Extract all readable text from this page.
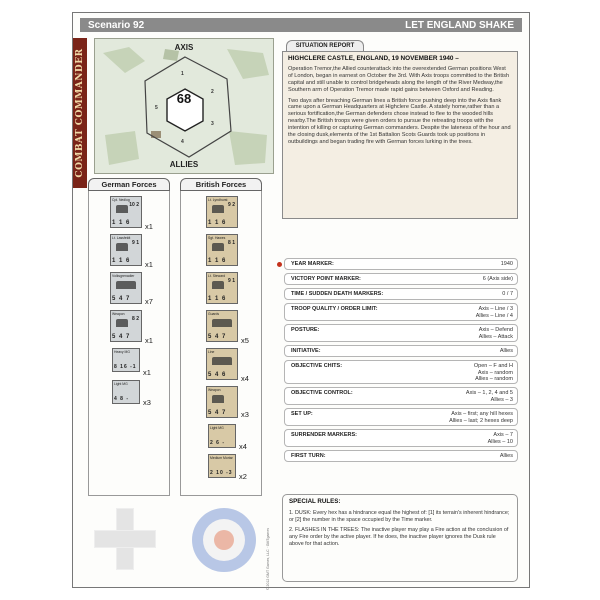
Scenario 92	LET ENGLAND SHAKE
COMBAT COMMANDER
AXIS
ALLIES
68
1
2
3
4
5
SITUATION REPORT
HIGHCLERE CASTLE, ENGLAND, 19 NOVEMBER 1940 –

Operation Tremor,the Allied counterattack into the overextended German positions West of London, began in earnest on October the 3rd. With Axis troops committed to the British capital and still unable to control bridgeheads along the length of the River Medway,the Southern arm of Operation Tremor made rapid gains between Oxford and Reading.

Two days after breaching German lines a British force pushing deep into the Axis flank came upon a German Headquarters at Highclere Castle. A stately home,rather than a serious fortification,the German defenders chose instead to flee to the wooded hills nearby.The British troops were given orders to pursue the retreating troops with the intention of killing or capturing German commanders. Despite the lateness of the hour and the closing dusk,elements of the 1st Battalion Scots Guards took up positions in outbuildings and began trading fire with German forces lurking in the trees.

German Forces	British Forces
Cpl. Nedlog
10 2
1 1 6	x1
Lt. Lassfeldt
9 1
1 1 6	x1
Volksgrenadier
5 4 7	x7
Weapon
8 2
5 4 7	x1
Heavy MG
8 16 -1
x1
Light MG
4 8 -	x3
Lt. Lyndhurst
9 2
1 1 6
Sgt. Hawes
8 1
1 1 6
Lt. Steward
9 1
1 1 6
Guards
5 4 7	x5
Line
5 4 6	x4
Weapon
5 4 7	x3
Light MG
2 6 -	x4
Medium Mortar
2 10 -3 x2
YEAR MARKER:	1940
VICTORY POINT MARKER:	6 (Axis side)
TIME / SUDDEN DEATH MARKERS:	0 / 7
TROOP QUALITY / ORDER LIMIT:	Axis – Line / 3
Allies – Line / 4
POSTURE:	Axis – Defend
Allies – Attack
INITIATIVE:	Allies
OBJECTIVE CHITS:	Open – F and H
Axis – random
Allies – random
OBJECTIVE CONTROL:	Axis – 1, 2, 4 and 5
Allies – 3
SET UP:	Axis – first; any hill hexes
Allies – last; 2 hexes deep
SURRENDER MARKERS:	Axis – 7
Allies – 10
FIRST TURN:	Allies
SPECIAL RULES:

1. DUSK: Every hex has a hindrance equal the highest of: [1] its terrain's inherent hindrance; or [2] the number in the space occupied by the Time marker.

2. FLASHES IN THE TREES: The inactive player may play a Fire action at the conclusion of any Fire order by the active player. If he does, the inactive player ignores the Dusk rule above for that action.

© 2012 GMT Games, LLC · GMTgames
